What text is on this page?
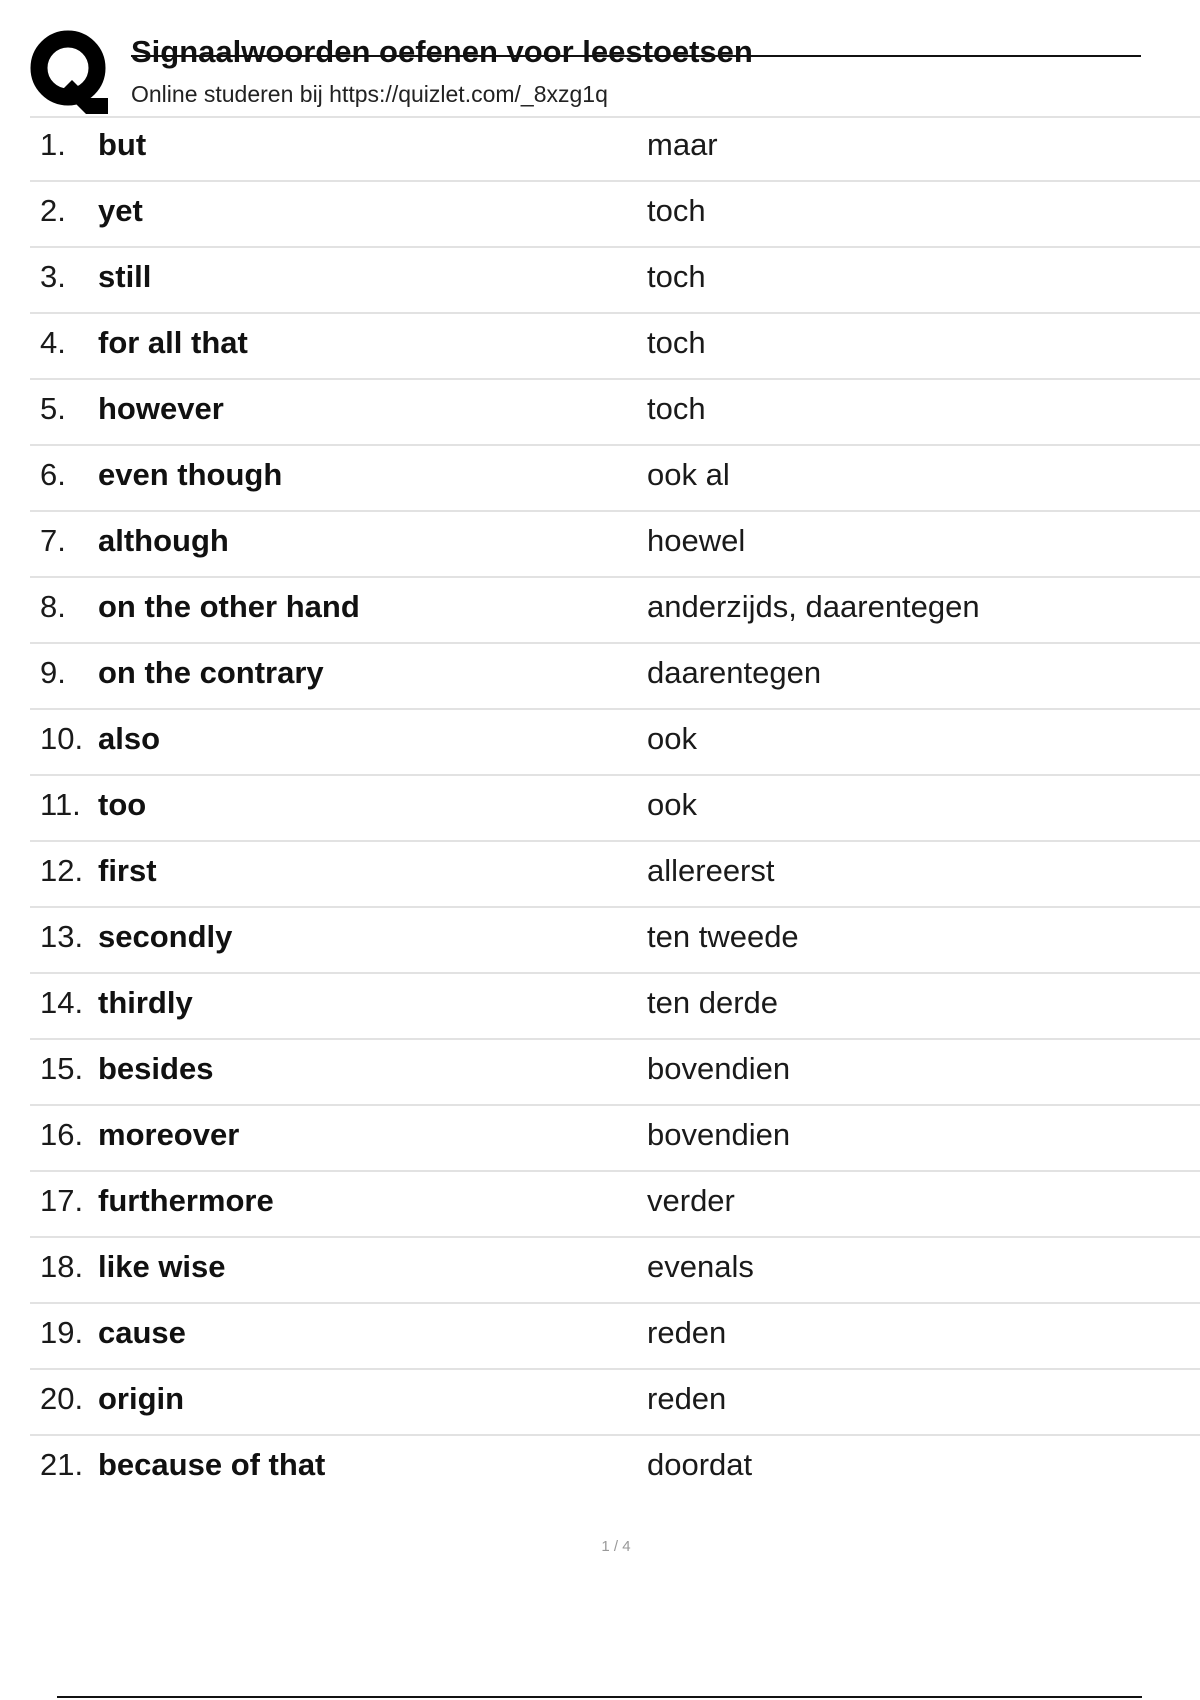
Signaalwoorden oefenen voor leestoetsen
Online studeren bij https://quizlet.com/_8xzg1q
1. but	maar
2. yet	toch
3. still	toch
4. for all that	toch
5. however	toch
6. even though	ook al
7. although	hoewel
8. on the other hand	anderzijds, daarentegen
9. on the contrary	daarentegen
10. also	ook
11. too	ook
12. first	allereerst
13. secondly	ten tweede
14. thirdly	ten derde
15. besides	bovendien
16. moreover	bovendien
17. furthermore	verder
18. like wise	evenals
19. cause	reden
20. origin	reden
21. because of that	doordat
1 / 4
